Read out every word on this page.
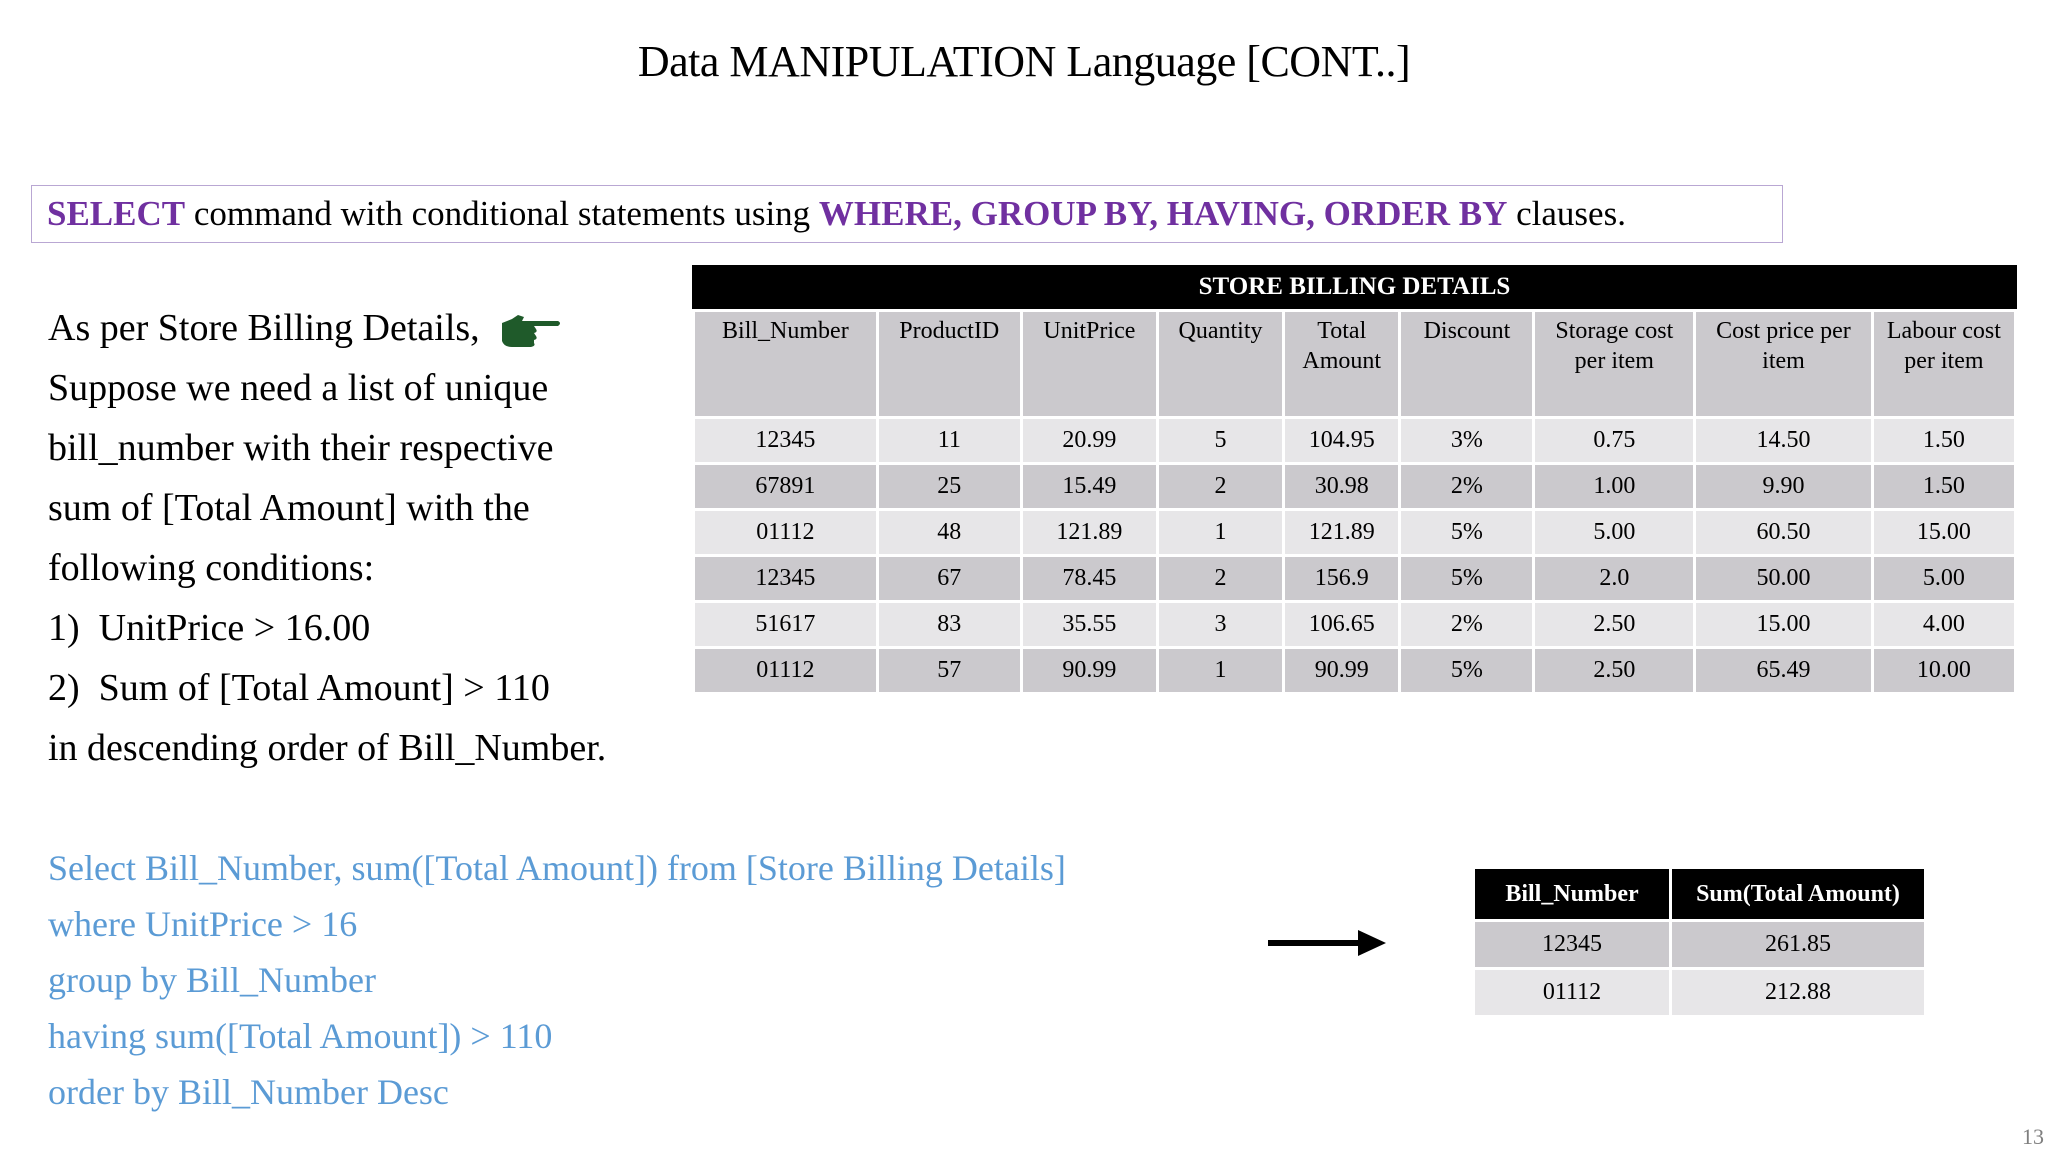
Data MANIPULATION Language [CONT..]
SELECT command with conditional statements using WHERE, GROUP BY, HAVING, ORDER BY clauses.
As per Store Billing Details,
Suppose we need a list of unique
bill_number with their respective
sum of [Total Amount] with the
following conditions:
1)  UnitPrice > 16.00
2)  Sum of [Total Amount] > 110
in descending order of Bill_Number.
STORE BILLING DETAILS
Bill_Number	ProductID	UnitPrice	Quantity	Total Amount	Discount	Storage cost per item	Cost price per item	Labour cost per item
12345	11	20.99	5	104.95	3%	0.75	14.50	1.50
67891	25	15.49	2	30.98	2%	1.00	9.90	1.50
01112	48	121.89	1	121.89	5%	5.00	60.50	15.00
12345	67	78.45	2	156.9	5%	2.0	50.00	5.00
51617	83	35.55	3	106.65	2%	2.50	15.00	4.00
01112	57	90.99	1	90.99	5%	2.50	65.49	10.00
Select Bill_Number, sum([Total Amount]) from [Store Billing Details]
where UnitPrice > 16
group by Bill_Number
having sum([Total Amount]) > 110
order by Bill_Number Desc
Bill_Number	Sum(Total Amount)
12345	261.85
01112	212.88
13
